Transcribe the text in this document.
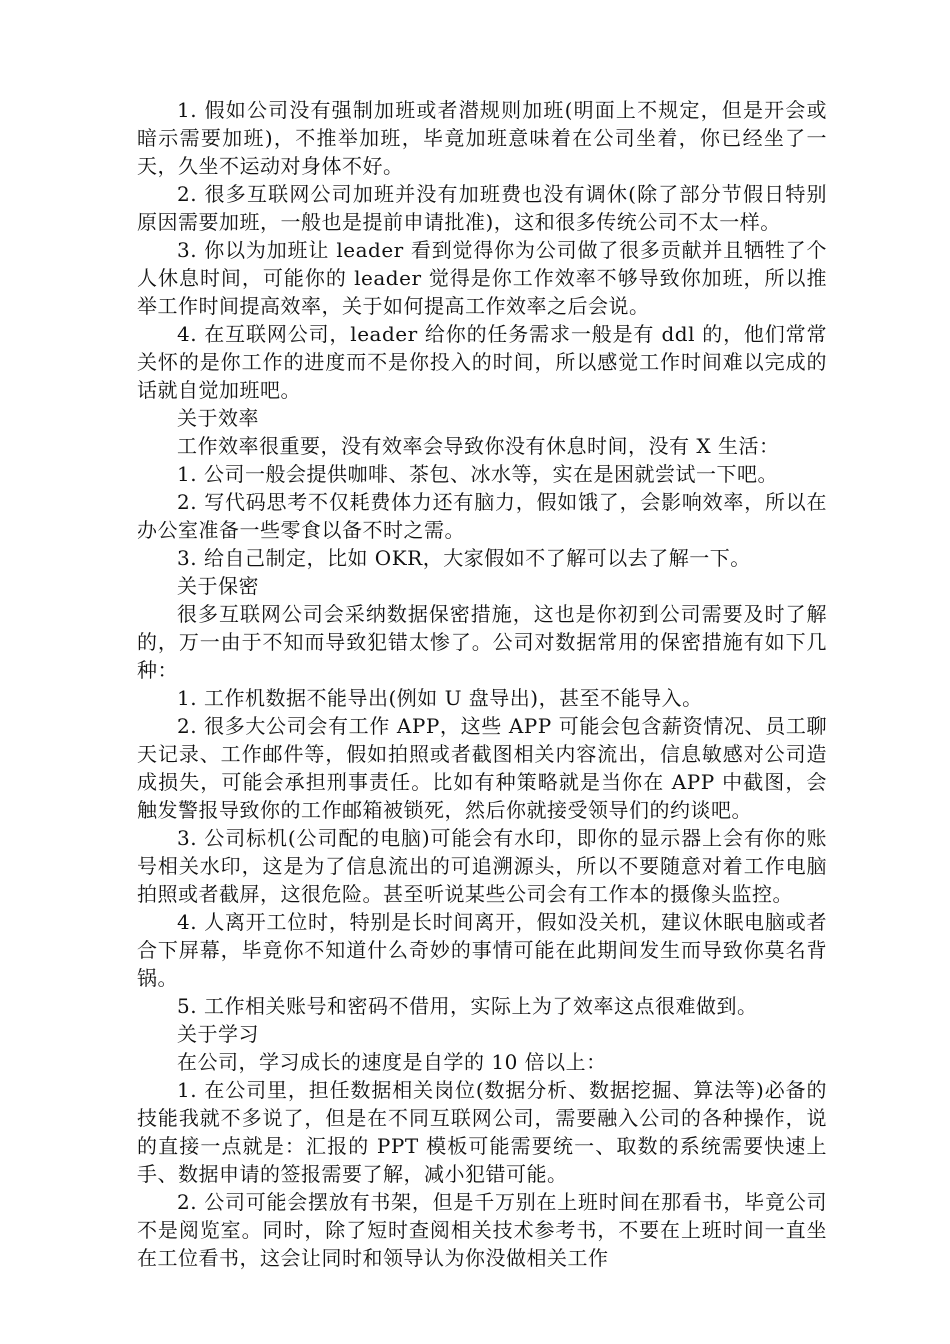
1. 假如公司没有强制加班或者潜规则加班(明面上不规定，但是开会或暗示需要加班)，不推举加班，毕竟加班意味着在公司坐着，你已经坐了一天，久坐不运动对身体不好。

2. 很多互联网公司加班并没有加班费也没有调休(除了部分节假日特别原因需要加班，一般也是提前申请批准)，这和很多传统公司不太一样。

3. 你以为加班让 leader 看到觉得你为公司做了很多贡献并且牺牲了个人休息时间，可能你的 leader 觉得是你工作效率不够导致你加班，所以推举工作时间提高效率，关于如何提高工作效率之后会说。

4. 在互联网公司，leader 给你的任务需求一般是有 ddl 的，他们常常关怀的是你工作的进度而不是你投入的时间，所以感觉工作时间难以完成的话就自觉加班吧。

关于效率

工作效率很重要，没有效率会导致你没有休息时间，没有 X 生活：

1. 公司一般会提供咖啡、茶包、冰水等，实在是困就尝试一下吧。

2. 写代码思考不仅耗费体力还有脑力，假如饿了，会影响效率，所以在办公室准备一些零食以备不时之需。

3. 给自己制定，比如 OKR，大家假如不了解可以去了解一下。

关于保密

很多互联网公司会采纳数据保密措施，这也是你初到公司需要及时了解的，万一由于不知而导致犯错太惨了。公司对数据常用的保密措施有如下几种：

1. 工作机数据不能导出(例如 U 盘导出)，甚至不能导入。

2. 很多大公司会有工作 APP，这些 APP 可能会包含薪资情况、员工聊天记录、工作邮件等，假如拍照或者截图相关内容流出，信息敏感对公司造成损失，可能会承担刑事责任。比如有种策略就是当你在 APP 中截图，会触发警报导致你的工作邮箱被锁死，然后你就接受领导们的约谈吧。

3. 公司标机(公司配的电脑)可能会有水印，即你的显示器上会有你的账号相关水印，这是为了信息流出的可追溯源头，所以不要随意对着工作电脑拍照或者截屏，这很危险。甚至听说某些公司会有工作本的摄像头监控。

4. 人离开工位时，特别是长时间离开，假如没关机，建议休眠电脑或者合下屏幕，毕竟你不知道什么奇妙的事情可能在此期间发生而导致你莫名背锅。

5. 工作相关账号和密码不借用，实际上为了效率这点很难做到。

关于学习

在公司，学习成长的速度是自学的 10 倍以上：

1. 在公司里，担任数据相关岗位(数据分析、数据挖掘、算法等)必备的技能我就不多说了，但是在不同互联网公司，需要融入公司的各种操作，说的直接一点就是：汇报的 PPT 模板可能需要统一、取数的系统需要快速上手、数据申请的签报需要了解，减小犯错可能。

2. 公司可能会摆放有书架，但是千万别在上班时间在那看书，毕竟公司不是阅览室。同时，除了短时查阅相关技术参考书，不要在上班时间一直坐在工位看书，这会让同时和领导认为你没做相关工作
